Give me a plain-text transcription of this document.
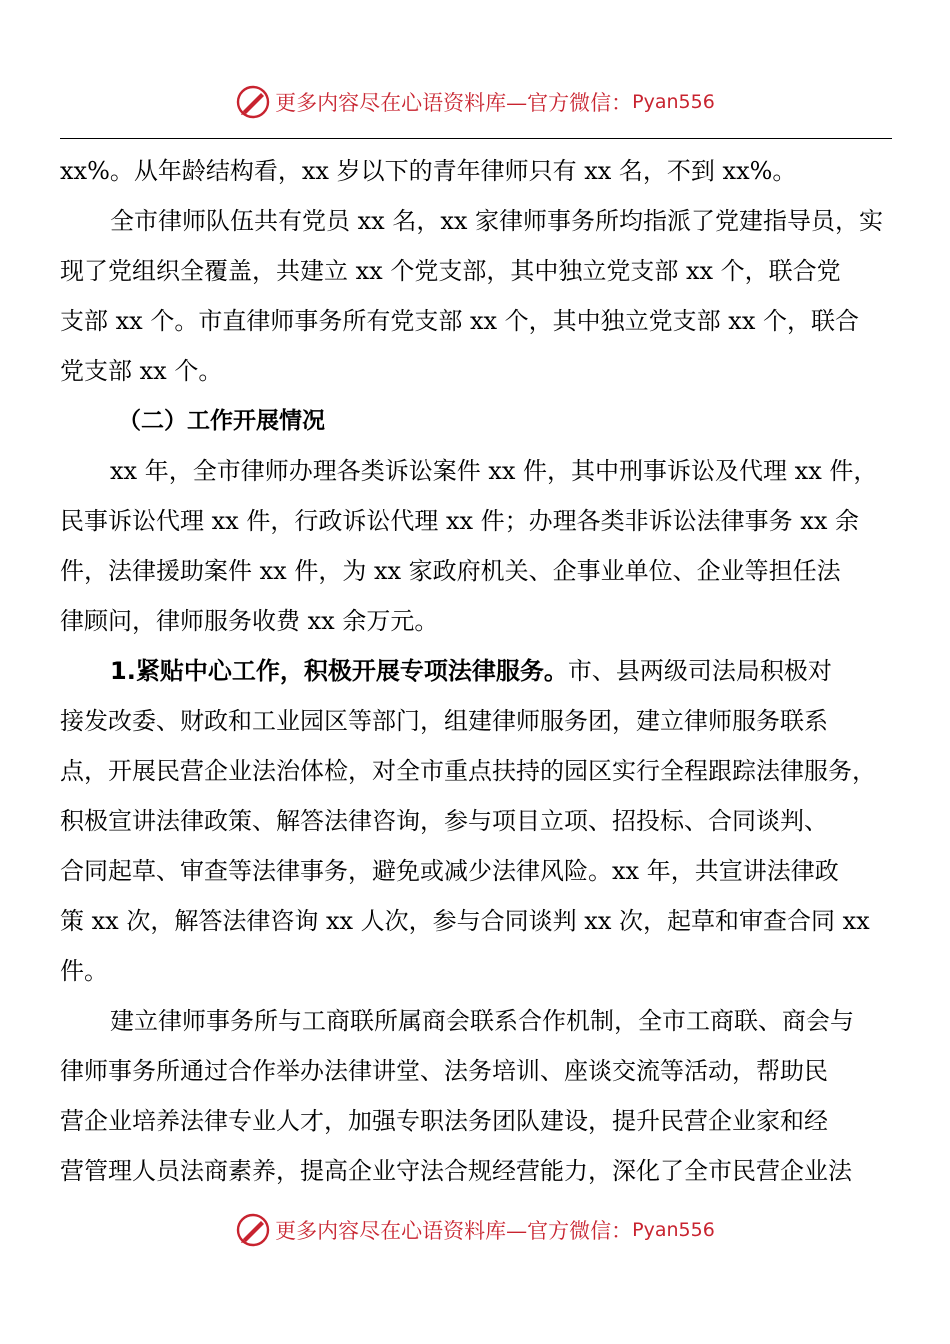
更多内容尽在心语资料库—官方微信： Pyan556
xx%。从年龄结构看，xx 岁以下的青年律师只有 xx 名，不到 xx%。
全市律师队伍共有党员 xx 名，xx 家律师事务所均指派了党建指导员，实
现了党组织全覆盖，共建立 xx 个党支部，其中独立党支部 xx 个，联合党
支部 xx 个。市直律师事务所有党支部 xx 个，其中独立党支部 xx 个，联合
党支部 xx 个。
（二）工作开展情况
xx 年，全市律师办理各类诉讼案件 xx 件，其中刑事诉讼及代理 xx 件，
民事诉讼代理 xx 件，行政诉讼代理 xx 件；办理各类非诉讼法律事务 xx 余
件，法律援助案件 xx 件，为 xx 家政府机关、企事业单位、企业等担任法
律顾问，律师服务收费 xx 余万元。
1.紧贴中心工作，积极开展专项法律服务。市、县两级司法局积极对
接发改委、财政和工业园区等部门，组建律师服务团，建立律师服务联系
点，开展民营企业法治体检，对全市重点扶持的园区实行全程跟踪法律服务，
积极宣讲法律政策、解答法律咨询，参与项目立项、招投标、合同谈判、
合同起草、审查等法律事务，避免或减少法律风险。xx 年，共宣讲法律政
策 xx 次，解答法律咨询 xx 人次，参与合同谈判 xx 次，起草和审查合同 xx
件。
建立律师事务所与工商联所属商会联系合作机制，全市工商联、商会与
律师事务所通过合作举办法律讲堂、法务培训、座谈交流等活动，帮助民
营企业培养法律专业人才，加强专职法务团队建设，提升民营企业家和经
营管理人员法商素养，提高企业守法合规经营能力，深化了全市民营企业法
更多内容尽在心语资料库—官方微信： Pyan556
